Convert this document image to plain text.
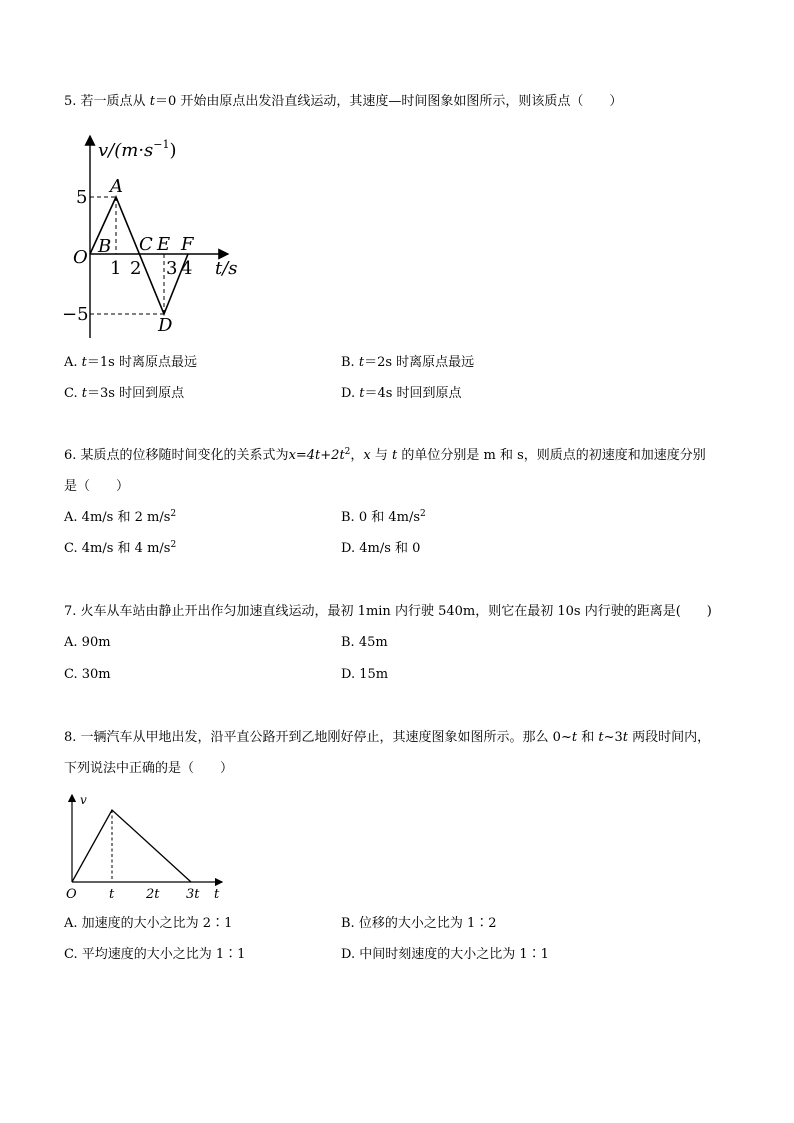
5. 若一质点从 t＝0 开始由原点出发沿直线运动，其速度—时间图象如图所示，则该质点（　　）
$v/(m\cdot s^{-1})$
5
−5
O
A
B C E F
D
1 2 3 4 t/s
A. t＝1s 时离原点最远	B. t＝2s 时离原点最远
C. t＝3s 时回到原点	D. t＝4s 时回到原点
6. 某质点的位移随时间变化的关系式为$x=4t+2t^2$，x 与 t 的单位分别是 m 和 s，则质点的初速度和加速度分别
是（　　）
A. 4m/s 和 2 $m/s^2$	B. 0 和 $4m/s^2$
C. 4m/s 和 4 $m/s^2$	D. 4m/s 和 0
7. 火车从车站由静止开出作匀加速直线运动，最初 1min 内行驶 540m，则它在最初 10s 内行驶的距离是(　　)
A. 90m	B. 45m
C. 30m	D. 15m
8. 一辆汽车从甲地出发，沿平直公路开到乙地刚好停止，其速度图象如图所示。那么 0~t 和 t~3t 两段时间内，
下列说法中正确的是（　　）
v
O t 2t 3t t
A. 加速度的大小之比为 2∶1	B. 位移的大小之比为 1∶2
C. 平均速度的大小之比为 1∶1	D. 中间时刻速度的大小之比为 1∶1
